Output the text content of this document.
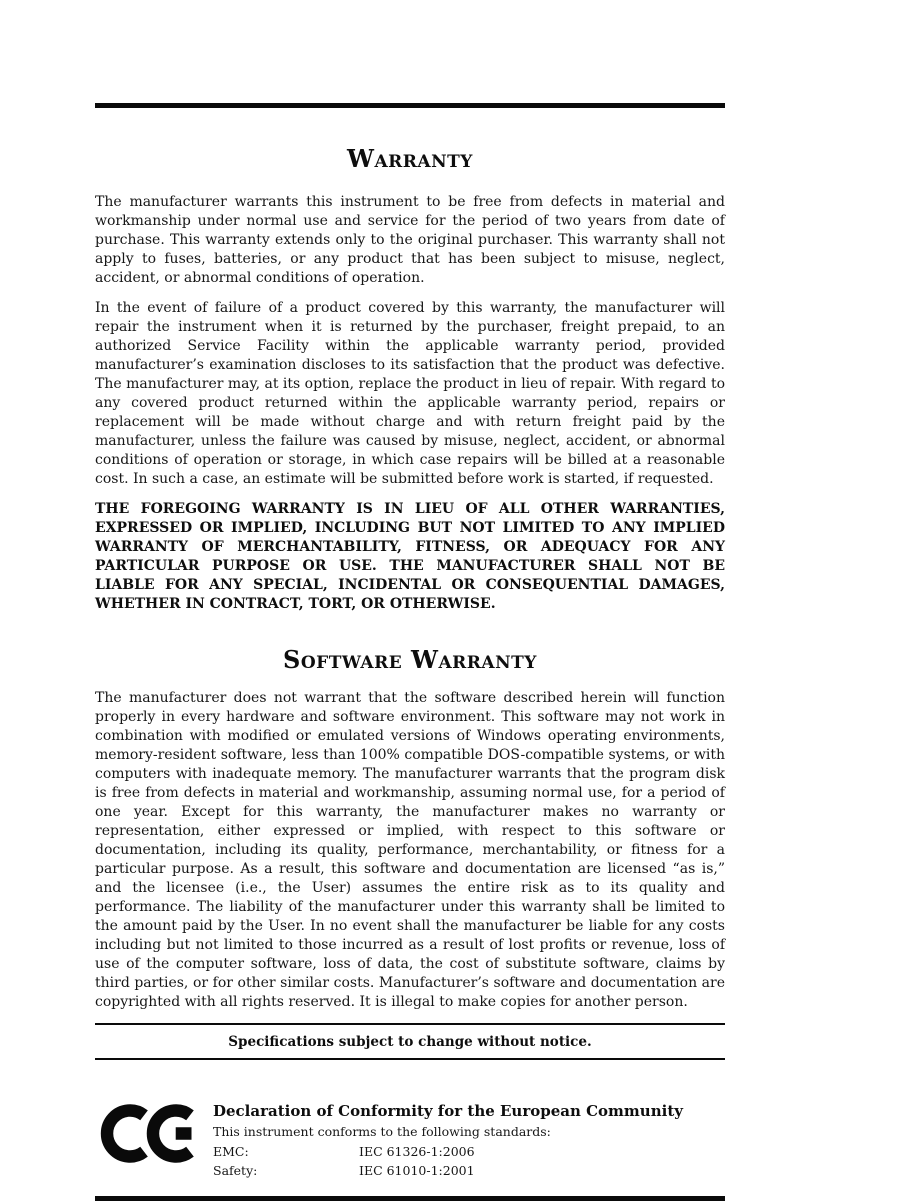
Warranty

The manufacturer warrants this instrument to be free from defects in material and workmanship under normal use and service for the period of two years from date of purchase. This warranty extends only to the original purchaser. This warranty shall not apply to fuses, batteries, or any product that has been subject to misuse, neglect, accident, or abnormal conditions of operation.

In the event of failure of a product covered by this warranty, the manufacturer will repair the instrument when it is returned by the purchaser, freight prepaid, to an authorized Service Facility within the applicable warranty period, provided manufacturer’s examination discloses to its satisfaction that the product was defective. The manufacturer may, at its option, replace the product in lieu of repair. With regard to any covered product returned within the applicable warranty period, repairs or replacement will be made without charge and with return freight paid by the manufacturer, unless the failure was caused by misuse, neglect, accident, or abnormal conditions of operation or storage, in which case repairs will be billed at a reasonable cost. In such a case, an estimate will be submitted before work is started, if requested.

THE FOREGOING WARRANTY IS IN LIEU OF ALL OTHER WARRANTIES, EXPRESSED OR IMPLIED, INCLUDING BUT NOT LIMITED TO ANY IMPLIED WARRANTY OF MERCHANTABILITY, FITNESS, OR ADEQUACY FOR ANY PARTICULAR PURPOSE OR USE. THE MANUFACTURER SHALL NOT BE LIABLE FOR ANY SPECIAL, INCIDENTAL OR CONSEQUENTIAL DAMAGES, WHETHER IN CONTRACT, TORT, OR OTHERWISE.

Software Warranty

The manufacturer does not warrant that the software described herein will function properly in every hardware and software environment. This software may not work in combination with modified or emulated versions of Windows operating environments, memory-resident software, less than 100% compatible DOS-compatible systems, or with computers with inadequate memory. The manufacturer warrants that the program disk is free from defects in material and workmanship, assuming normal use, for a period of one year. Except for this warranty, the manufacturer makes no warranty or representation, either expressed or implied, with respect to this software or documentation, including its quality, performance, merchantability, or fitness for a particular purpose. As a result, this software and documentation are licensed “as is,” and the licensee (i.e., the User) assumes the entire risk as to its quality and performance. The liability of the manufacturer under this warranty shall be limited to the amount paid by the User. In no event shall the manufacturer be liable for any costs including but not limited to those incurred as a result of lost profits or revenue, loss of use of the computer software, loss of data, the cost of substitute software, claims by third parties, or for other similar costs. Manufacturer’s software and documentation are copyrighted with all rights reserved. It is illegal to make copies for another person.

Specifications subject to change without notice.
Declaration of Conformity for the European Community
This instrument conforms to the following standards:
EMC:	IEC 61326-1:2006
Safety:	IEC 61010-1:2001
